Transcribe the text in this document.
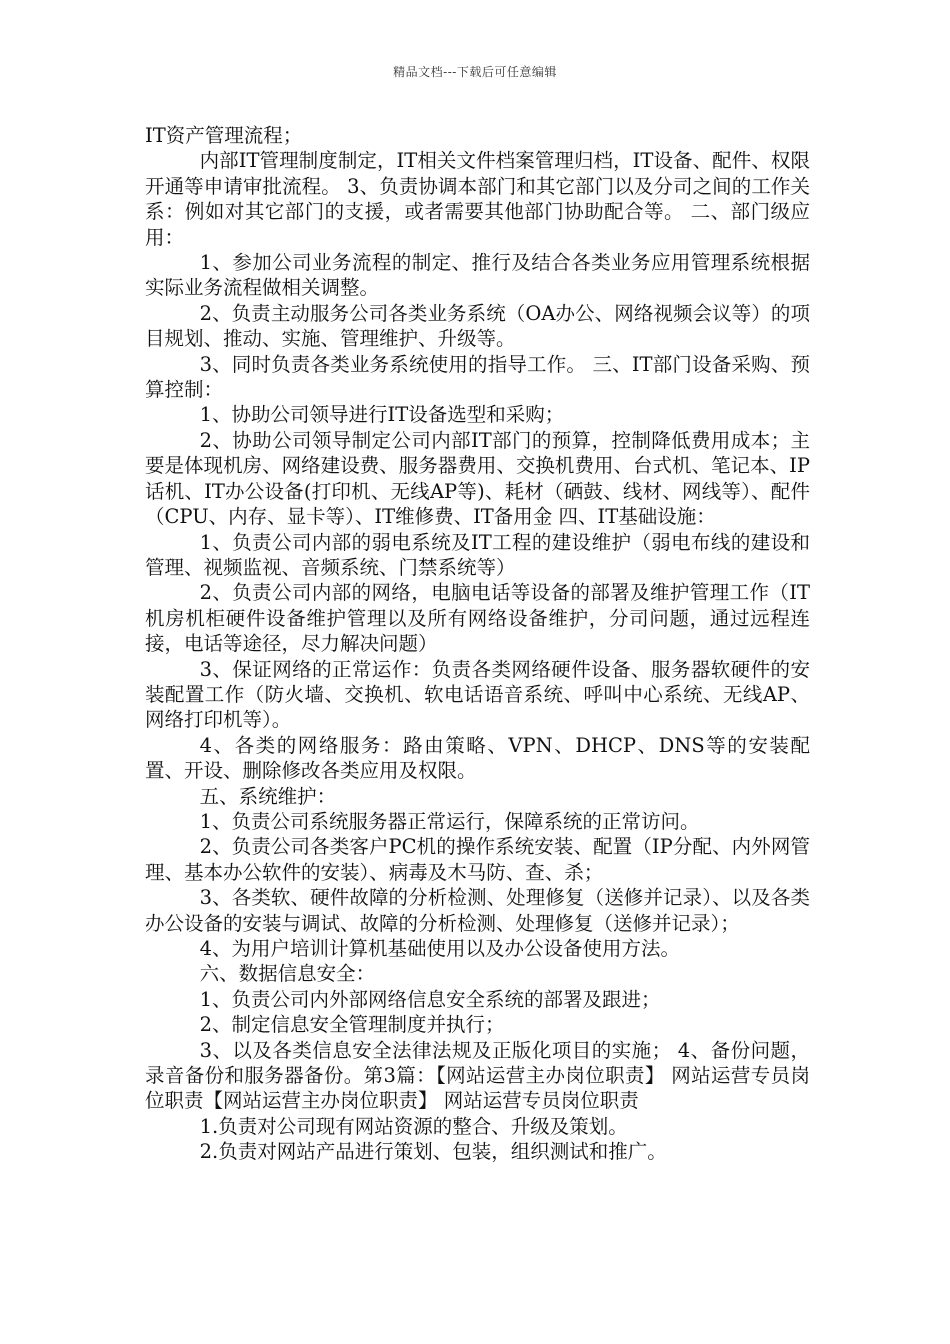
精品文档---下载后可任意编辑

IT资产管理流程；

内部IT管理制度制定，IT相关文件档案管理归档，IT设备、配件、权限开通等申请审批流程。 3、负责协调本部门和其它部门以及分司之间的工作关系：例如对其它部门的支援，或者需要其他部门协助配合等。 二、部门级应用：

1、参加公司业务流程的制定、推行及结合各类业务应用管理系统根据实际业务流程做相关调整。

2、负责主动服务公司各类业务系统（OA办公、网络视频会议等）的项目规划、推动、实施、管理维护、升级等。

3、同时负责各类业务系统使用的指导工作。 三、IT部门设备采购、预算控制：

1、协助公司领导进行IT设备选型和采购；

2、协助公司领导制定公司内部IT部门的预算，控制降低费用成本；主要是体现机房、网络建设费、服务器费用、交换机费用、台式机、笔记本、IP话机、IT办公设备(打印机、无线AP等)、耗材（硒鼓、线材、网线等）、配件（CPU、内存、显卡等）、IT维修费、IT备用金 四、IT基础设施：

1、负责公司内部的弱电系统及IT工程的建设维护（弱电布线的建设和管理、视频监视、音频系统、门禁系统等）

2、负责公司内部的网络，电脑电话等设备的部署及维护管理工作（IT机房机柜硬件设备维护管理以及所有网络设备维护，分司问题，通过远程连接，电话等途径，尽力解决问题）

3、保证网络的正常运作：负责各类网络硬件设备、服务器软硬件的安装配置工作（防火墙、交换机、软电话语音系统、呼叫中心系统、无线AP、网络打印机等）。

4、各类的网络服务：路由策略、VPN、DHCP、DNS等的安装配置、开设、删除修改各类应用及权限。

五、系统维护：

1、负责公司系统服务器正常运行，保障系统的正常访问。

2、负责公司各类客户PC机的操作系统安装、配置（IP分配、内外网管理、基本办公软件的安装）、病毒及木马防、查、杀；

3、各类软、硬件故障的分析检测、处理修复（送修并记录）、以及各类办公设备的安装与调试、故障的分析检测、处理修复（送修并记录）；

4、为用户培训计算机基础使用以及办公设备使用方法。

六、数据信息安全：

1、负责公司内外部网络信息安全系统的部署及跟进；

2、制定信息安全管理制度并执行；

3、以及各类信息安全法律法规及正版化项目的实施； 4、备份问题，录音备份和服务器备份。第3篇：【网站运营主办岗位职责】 网站运营专员岗位职责【网站运营主办岗位职责】 网站运营专员岗位职责

1.负责对公司现有网站资源的整合、升级及策划。

2.负责对网站产品进行策划、包装，组织测试和推广。
